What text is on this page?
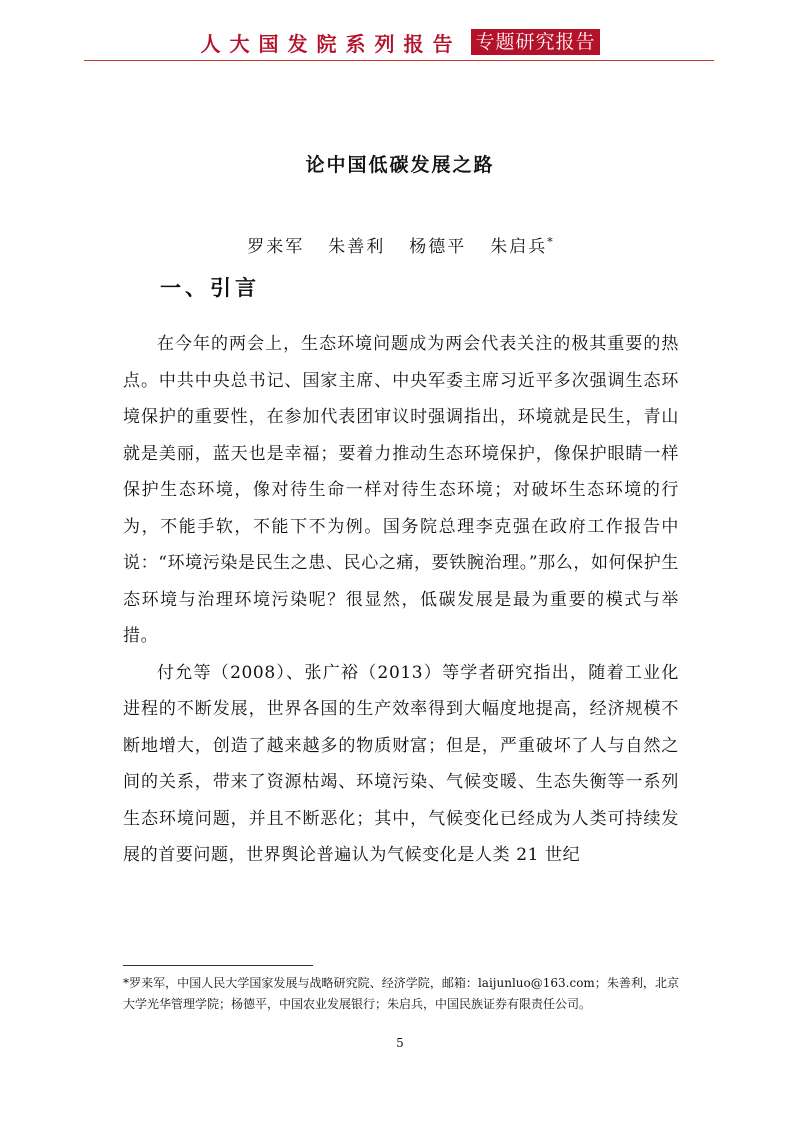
人大国发院系列报告 专题研究报告
论中国低碳发展之路
罗来军 朱善利 杨德平 朱启兵*
一、引言

在今年的两会上，生态环境问题成为两会代表关注的极其重要的热点。中共中央总书记、国家主席、中央军委主席习近平多次强调生态环境保护的重要性，在参加代表团审议时强调指出，环境就是民生，青山就是美丽，蓝天也是幸福；要着力推动生态环境保护，像保护眼睛一样保护生态环境，像对待生命一样对待生态环境；对破坏生态环境的行为，不能手软，不能下不为例。国务院总理李克强在政府工作报告中说：“环境污染是民生之患、民心之痛，要铁腕治理。”那么，如何保护生态环境与治理环境污染呢？很显然，低碳发展是最为重要的模式与举措。

付允等（2008）、张广裕（2013）等学者研究指出，随着工业化进程的不断发展，世界各国的生产效率得到大幅度地提高，经济规模不断地增大，创造了越来越多的物质财富；但是，严重破坏了人与自然之间的关系，带来了资源枯竭、环境污染、气候变暖、生态失衡等一系列生态环境问题，并且不断恶化；其中，气候变化已经成为人类可持续发展的首要问题，世界舆论普遍认为气候变化是人类 21 世纪

*罗来军，中国人民大学国家发展与战略研究院、经济学院，邮箱：laijunluo@163.com；朱善利，北京大学光华管理学院；杨德平，中国农业发展银行；朱启兵，中国民族证券有限责任公司。
5
